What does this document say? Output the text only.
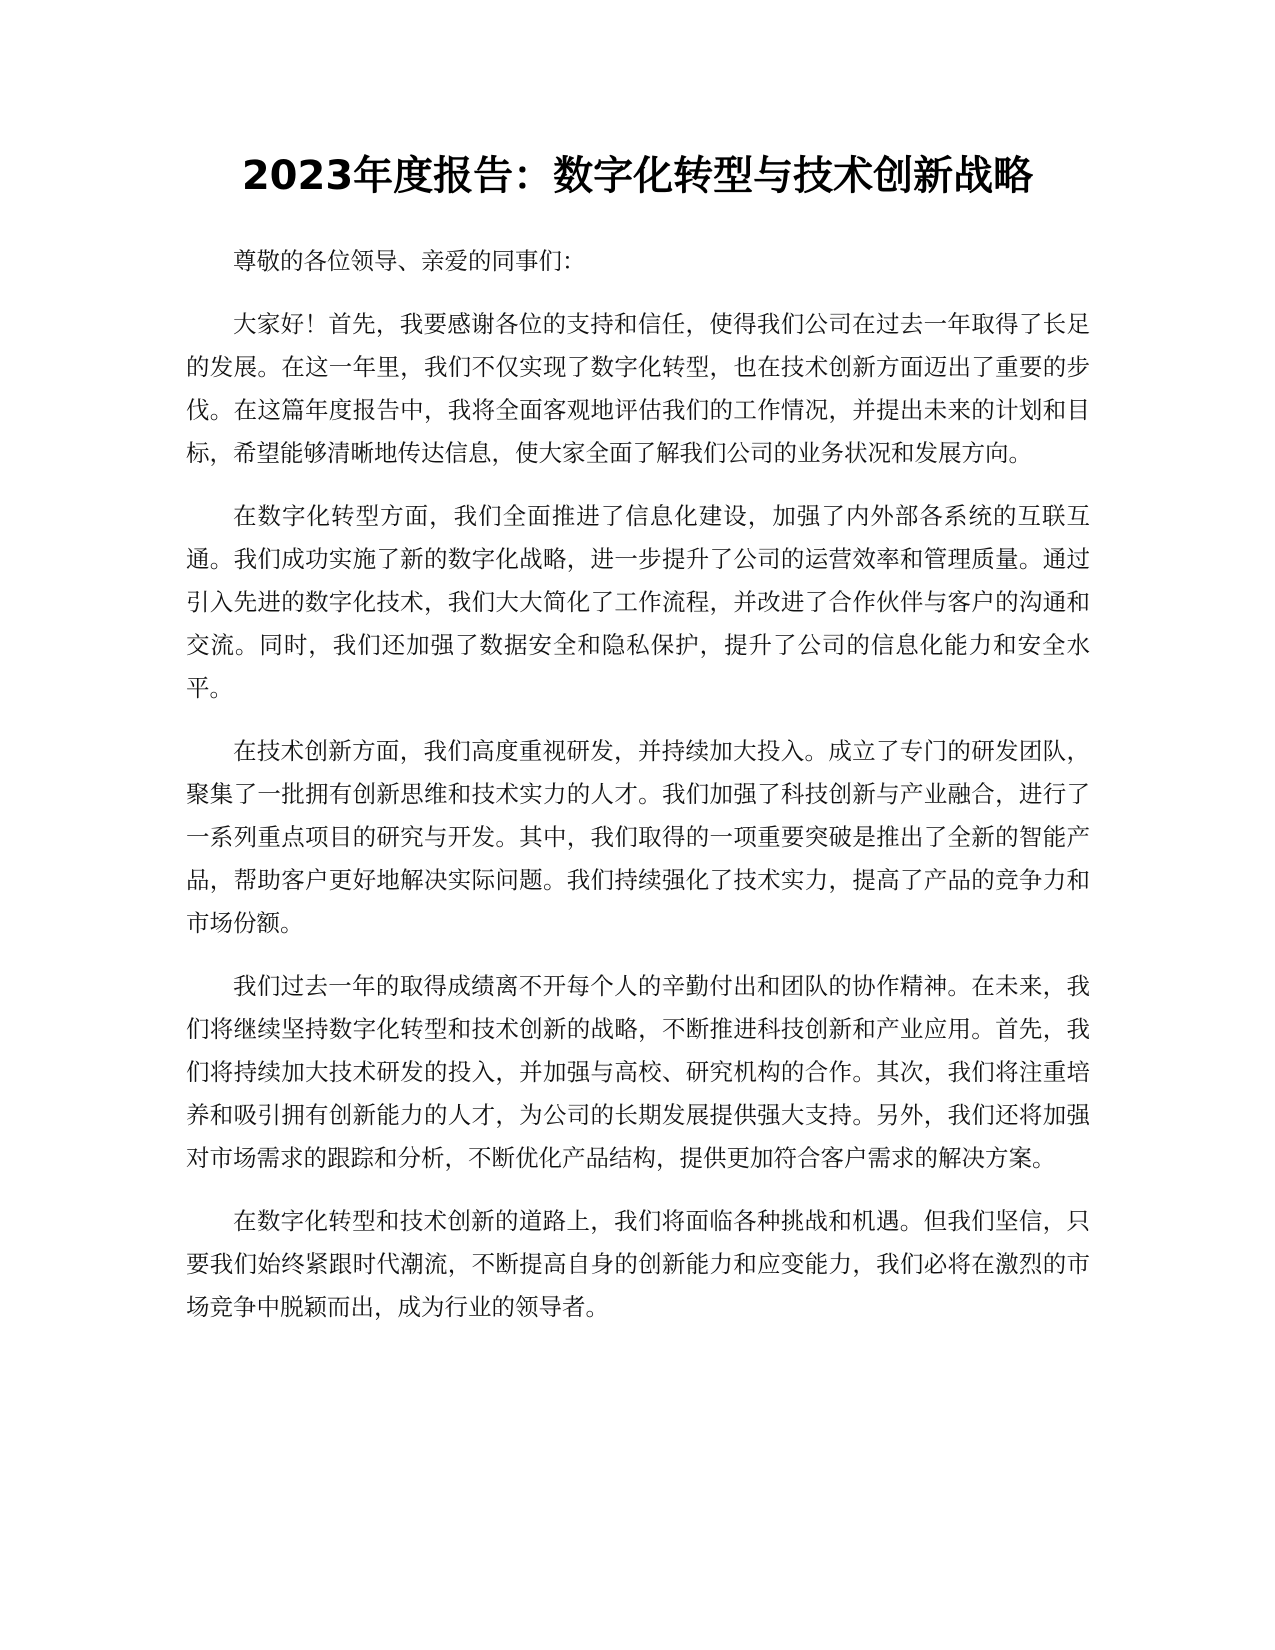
2023年度报告：数字化转型与技术创新战略

尊敬的各位领导、亲爱的同事们：

大家好！首先，我要感谢各位的支持和信任，使得我们公司在过去一年取得了长足的发展。在这一年里，我们不仅实现了数字化转型，也在技术创新方面迈出了重要的步伐。在这篇年度报告中，我将全面客观地评估我们的工作情况，并提出未来的计划和目标，希望能够清晰地传达信息，使大家全面了解我们公司的业务状况和发展方向。

在数字化转型方面，我们全面推进了信息化建设，加强了内外部各系统的互联互通。我们成功实施了新的数字化战略，进一步提升了公司的运营效率和管理质量。通过引入先进的数字化技术，我们大大简化了工作流程，并改进了合作伙伴与客户的沟通和交流。同时，我们还加强了数据安全和隐私保护，提升了公司的信息化能力和安全水平。

在技术创新方面，我们高度重视研发，并持续加大投入。成立了专门的研发团队，聚集了一批拥有创新思维和技术实力的人才。我们加强了科技创新与产业融合，进行了一系列重点项目的研究与开发。其中，我们取得的一项重要突破是推出了全新的智能产品，帮助客户更好地解决实际问题。我们持续强化了技术实力，提高了产品的竞争力和市场份额。

我们过去一年的取得成绩离不开每个人的辛勤付出和团队的协作精神。在未来，我们将继续坚持数字化转型和技术创新的战略，不断推进科技创新和产业应用。首先，我们将持续加大技术研发的投入，并加强与高校、研究机构的合作。其次，我们将注重培养和吸引拥有创新能力的人才，为公司的长期发展提供强大支持。另外，我们还将加强对市场需求的跟踪和分析，不断优化产品结构，提供更加符合客户需求的解决方案。

在数字化转型和技术创新的道路上，我们将面临各种挑战和机遇。但我们坚信，只要我们始终紧跟时代潮流，不断提高自身的创新能力和应变能力，我们必将在激烈的市场竞争中脱颖而出，成为行业的领导者。
